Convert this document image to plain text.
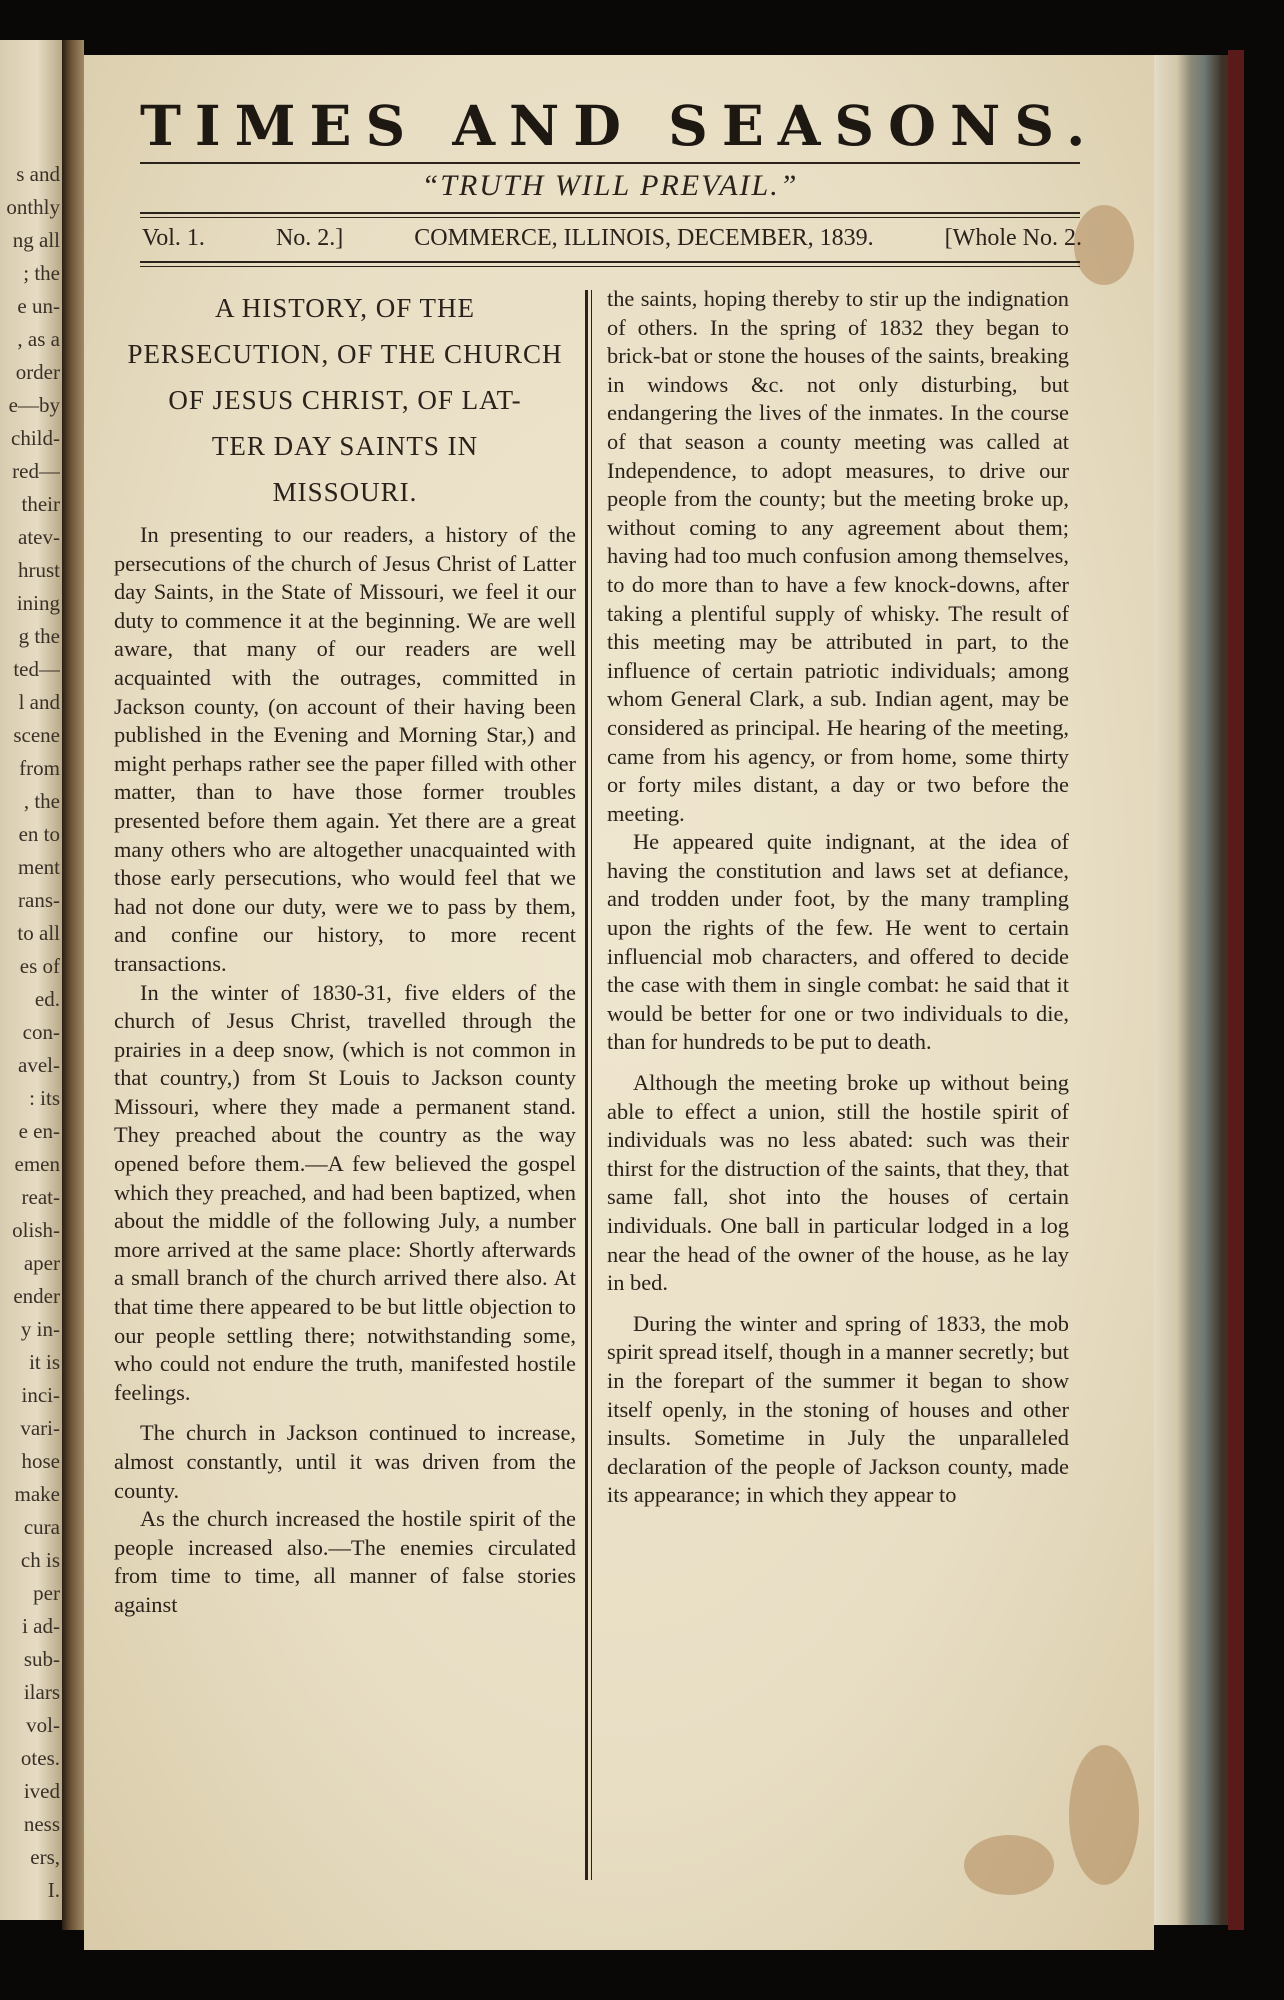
s and
onthly
ng all
; the
e un-
, as a
order
e—by
child-
red—
their
atev-
hrust
ining
g the
ted—
l and
scene
from
, the
en to
ment
rans-
to all
es of
ed.
con-
avel-
: its
e en-
emen
reat-
olish-
aper
ender
y in-
it is
inci-
vari-
hose
make
cura
ch is
per
i ad-
sub-
ilars
vol-
otes.
ived
ness
ers,
I.
TIMES AND SEASONS.
“TRUTH WILL PREVAIL.”
Vol. 1.	No. 2.]	COMMERCE, ILLINOIS, DECEMBER, 1839.	[Whole No. 2.
A HISTORY, OF THE
PERSECUTION, OF THE CHURCH
OF JESUS CHRIST, OF LAT-
TER DAY SAINTS IN
MISSOURI.

In presenting to our readers, a history of the persecutions of the church of Jesus Christ of Latter day Saints, in the State of Missouri, we feel it our duty to commence it at the beginning. We are well aware, that many of our readers are well acquainted with the outrages, committed in Jackson county, (on account of their having been published in the Evening and Morning Star,) and might perhaps rather see the paper filled with other matter, than to have those former troubles presented before them again. Yet there are a great many others who are altogether unacquainted with those early persecutions, who would feel that we had not done our duty, were we to pass by them, and confine our history, to more recent transactions.

In the winter of 1830-31, five elders of the church of Jesus Christ, travelled through the prairies in a deep snow, (which is not common in that country,) from St Louis to Jackson county Missouri, where they made a permanent stand. They preached about the country as the way opened before them.—A few believed the gospel which they preached, and had been baptized, when about the middle of the following July, a number more arrived at the same place: Shortly afterwards a small branch of the church arrived there also. At that time there appeared to be but little objection to our people settling there; notwithstanding some, who could not endure the truth, manifested hostile feelings.

The church in Jackson continued to increase, almost constantly, until it was driven from the county.

As the church increased the hostile spirit of the people increased also.—The enemies circulated from time to time, all manner of false stories against

the saints, hoping thereby to stir up the indignation of others. In the spring of 1832 they began to brick-bat or stone the houses of the saints, breaking in windows &c. not only disturbing, but endangering the lives of the inmates. In the course of that season a county meeting was called at Independence, to adopt measures, to drive our people from the county; but the meeting broke up, without coming to any agreement about them; having had too much confusion among themselves, to do more than to have a few knock-downs, after taking a plentiful supply of whisky. The result of this meeting may be attributed in part, to the influence of certain patriotic individuals; among whom General Clark, a sub. Indian agent, may be considered as principal. He hearing of the meeting, came from his agency, or from home, some thirty or forty miles distant, a day or two before the meeting.

He appeared quite indignant, at the idea of having the constitution and laws set at defiance, and trodden under foot, by the many trampling upon the rights of the few. He went to certain influencial mob characters, and offered to decide the case with them in single combat: he said that it would be better for one or two individuals to die, than for hundreds to be put to death.

Although the meeting broke up without being able to effect a union, still the hostile spirit of individuals was no less abated: such was their thirst for the distruction of the saints, that they, that same fall, shot into the houses of certain individuals. One ball in particular lodged in a log near the head of the owner of the house, as he lay in bed.

During the winter and spring of 1833, the mob spirit spread itself, though in a manner secretly; but in the forepart of the summer it began to show itself openly, in the stoning of houses and other insults. Sometime in July the unparalleled declaration of the people of Jackson county, made its appearance; in which they appear to
